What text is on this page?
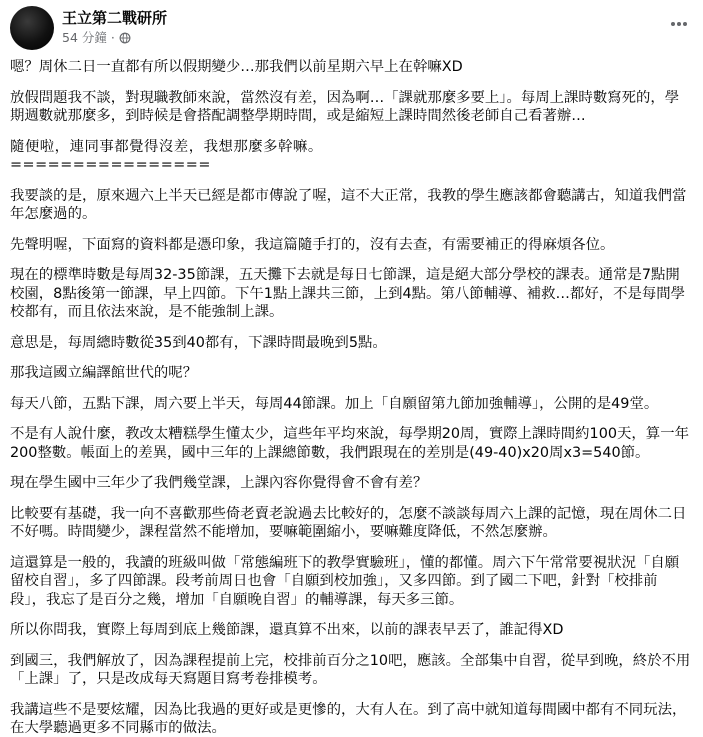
王立第二戰研所
54 分鐘 ·

嗯？周休二日一直都有所以假期變少…那我們以前星期六早上在幹嘛XD

放假問題我不談，對現職教師來說，當然沒有差，因為啊…「課就那麼多要上」。每周上課時數寫死的，學期週數就那麼多，到時候是會搭配調整學期時間，或是縮短上課時間然後老師自己看著辦…

隨便啦，連同事都覺得沒差，我想那麼多幹嘛。
================

我要談的是，原來週六上半天已經是都市傳說了喔，這不大正常，我教的學生應該都會聽講古，知道我們當年怎麼過的。

先聲明喔，下面寫的資料都是憑印象，我這篇隨手打的，沒有去查，有需要補正的得麻煩各位。

現在的標準時數是每周32-35節課，五天攤下去就是每日七節課，這是絕大部分學校的課表。通常是7點開校園，8點後第一節課，早上四節。下午1點上課共三節，上到4點。第八節輔導、補救…都好，不是每間學校都有，而且依法來說，是不能強制上課。

意思是，每周總時數從35到40都有，下課時間最晚到5點。

那我這國立編譯館世代的呢？

每天八節，五點下課，周六要上半天，每周44節課。加上「自願留第九節加強輔導」，公開的是49堂。

不是有人說什麼，教改太糟糕學生懂太少，這些年平均來說，每學期20周，實際上課時間約100天，算一年200整數。帳面上的差異，國中三年的上課總節數，我們跟現在的差別是(49-40)x20周x3=540節。

現在學生國中三年少了我們幾堂課，上課內容你覺得會不會有差？

比較要有基礎，我一向不喜歡那些倚老賣老說過去比較好的，怎麼不談談每周六上課的記憶，現在周休二日不好嗎。時間變少，課程當然不能增加，要嘛範圍縮小，要嘛難度降低，不然怎麼辦。

這還算是一般的，我讀的班級叫做「常態編班下的教學實驗班」，懂的都懂。周六下午常常要視狀況「自願留校自習」，多了四節課。段考前周日也會「自願到校加強」，又多四節。到了國二下吧，針對「校排前段」，我忘了是百分之幾，增加「自願晚自習」的輔導課，每天多三節。

所以你問我，實際上每周到底上幾節課，還真算不出來，以前的課表早丟了，誰記得XD

到國三，我們解放了，因為課程提前上完，校排前百分之10吧，應該。全部集中自習，從早到晚，終於不用「上課」了，只是改成每天寫題目寫考卷排模考。

我講這些不是要炫耀，因為比我過的更好或是更慘的，大有人在。到了高中就知道每間國中都有不同玩法，在大學聽過更多不同縣市的做法。
